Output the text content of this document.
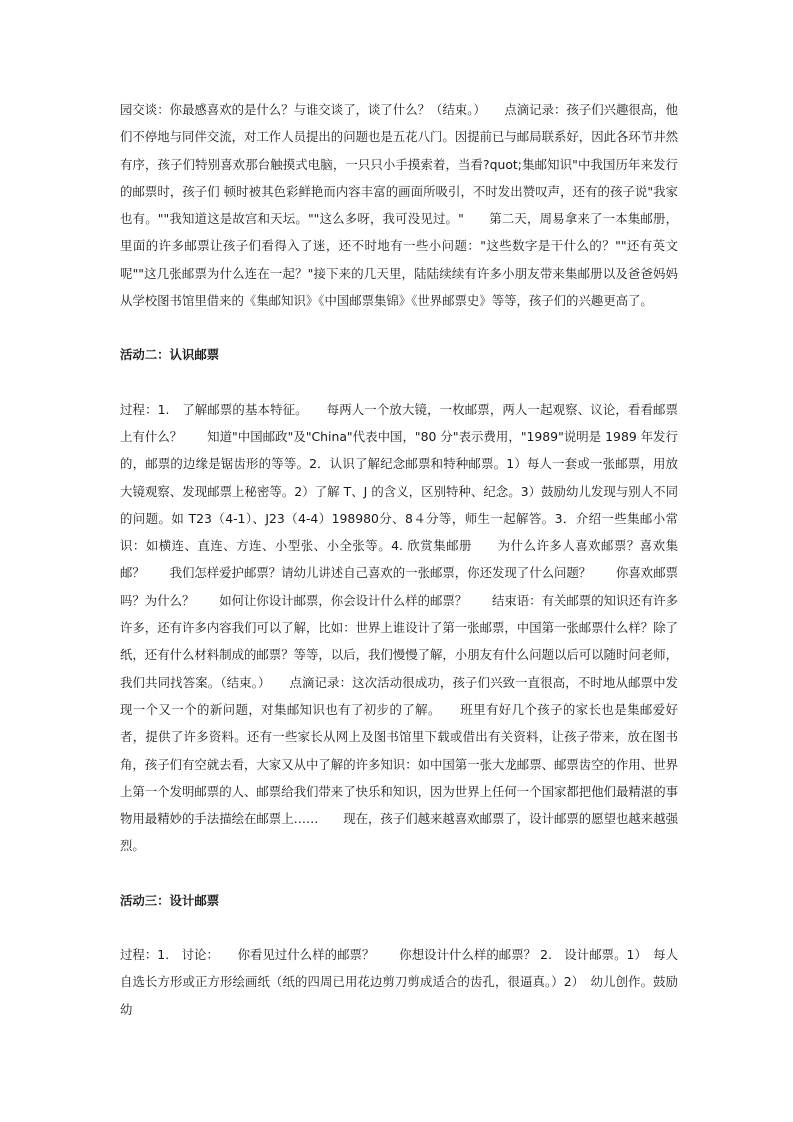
园交谈：你最感喜欢的是什么？与谁交谈了，谈了什么？（结束。）　　点滴记录：孩子们兴趣很高，他们不停地与同伴交流，对工作人员提出的问题也是五花八门。因提前已与邮局联系好，因此各环节井然有序，孩子们特别喜欢那台触摸式电脑，一只只小手摸索着，当看?quot;集邮知识"中我国历年来发行的邮票时，孩子们 顿时被其色彩鲜艳而内容丰富的画面所吸引，不时发出赞叹声，还有的孩子说"我家也有。""我知道这是故宫和天坛。""这么多呀，我可没见过。"　　第二天，周易拿来了一本集邮册，里面的许多邮票让孩子们看得入了迷，还不时地有一些小问题："这些数字是干什么的？""还有英文呢""这几张邮票为什么连在一起？"接下来的几天里，陆陆续续有许多小朋友带来集邮册以及爸爸妈妈从学校图书馆里借来的《集邮知识》《中国邮票集锦》《世界邮票史》等等，孩子们的兴趣更高了。

活动二：认识邮票

过程：1.　了解邮票的基本特征。　　每两人一个放大镜，一枚邮票，两人一起观察、议论，看看邮票上有什么？　　知道"中国邮政"及"China"代表中国，"80 分"表示费用，"1989"说明是 1989 年发行的，邮票的边缘是锯齿形的等等。2．认识了解纪念邮票和特种邮票。1）每人一套或一张邮票，用放大镜观察、发现邮票上秘密等。2）了解 T、J 的含义，区别特种、纪念。3）鼓励幼儿发现与别人不同的问题。如 T23（4-1）、J23（4-4）198980分、8４分等，师生一起解答。3．介绍一些集邮小常识：如横连、直连、方连、小型张、小全张等。4. 欣赏集邮册　　为什么许多人喜欢邮票？喜欢集邮？　　我们怎样爱护邮票？请幼儿讲述自己喜欢的一张邮票，你还发现了什么问题？　　你喜欢邮票吗？为什么？　　如何让你设计邮票，你会设计什么样的邮票？　　结束语：有关邮票的知识还有许多许多，还有许多内容我们可以了解，比如：世界上谁设计了第一张邮票，中国第一张邮票什么样？除了纸，还有什么材料制成的邮票？等等，以后，我们慢慢了解，小朋友有什么问题以后可以随时问老师，我们共同找答案。（结束。）　　点滴记录：这次活动很成功，孩子们兴致一直很高，不时地从邮票中发现一个又一个的新问题，对集邮知识也有了初步的了解。　　班里有好几个孩子的家长也是集邮爱好者，提供了许多资料。还有一些家长从网上及图书馆里下载或借出有关资料，让孩子带来，放在图书角，孩子们有空就去看，大家又从中了解的许多知识：如中国第一张大龙邮票、邮票齿空的作用、世界上第一个发明邮票的人、邮票给我们带来了快乐和知识，因为世界上任何一个国家都把他们最精湛的事物用最精妙的手法描绘在邮票上……　　现在，孩子们越来越喜欢邮票了，设计邮票的愿望也越来越强烈。

活动三：设计邮票

过程：1.　讨论：　　你看见过什么样的邮票？　　你想设计什么样的邮票？ 2.　设计邮票。1）　每人自选长方形或正方形绘画纸（纸的四周已用花边剪刀剪成适合的齿孔，很逼真。）2）　幼儿创作。鼓励幼
